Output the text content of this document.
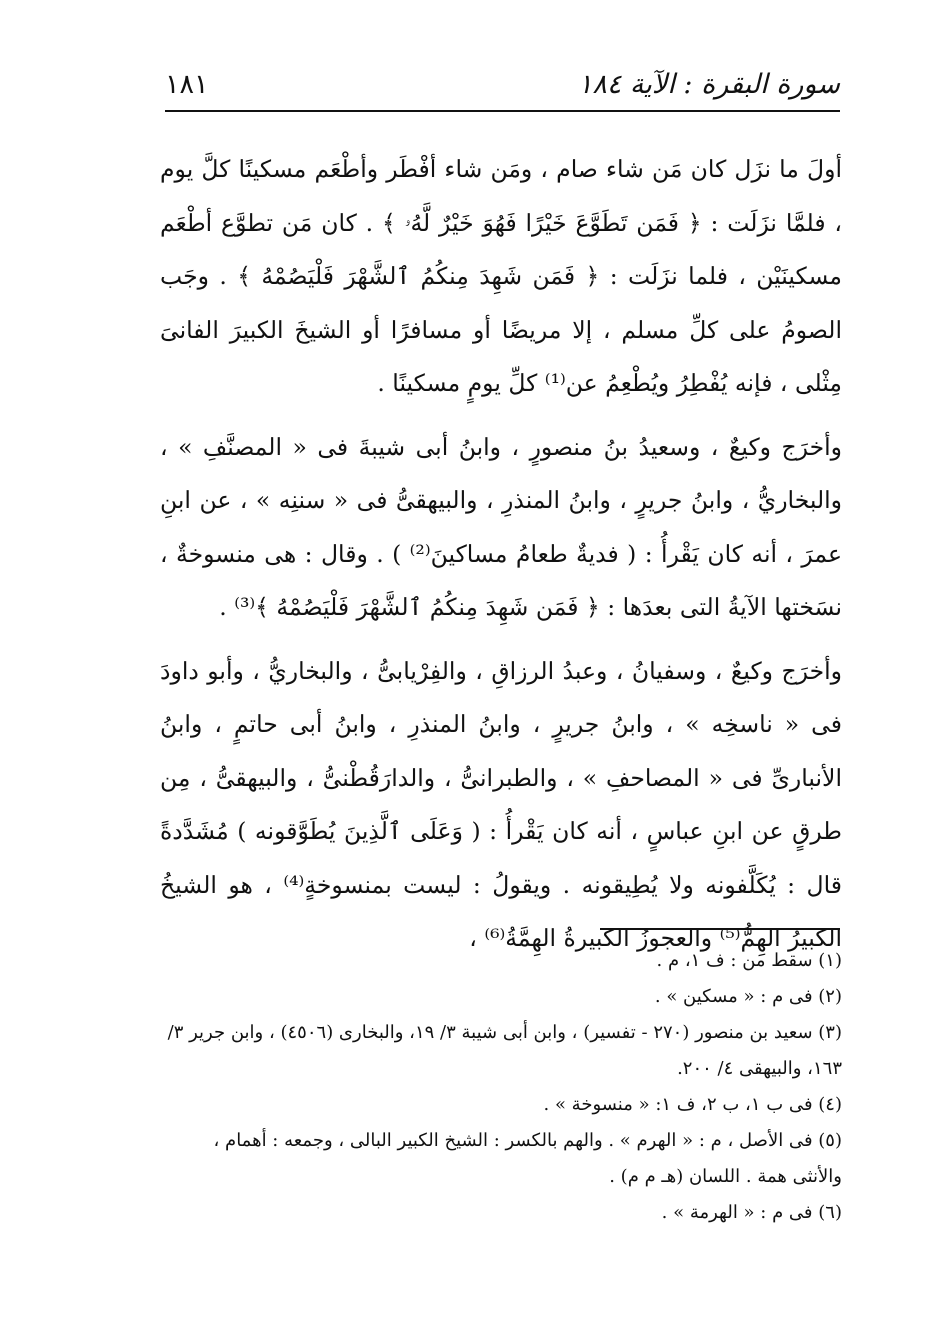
١٨١	سورة البقرة : الآية ١٨٤

أولَ ما نزَل كان مَن شاء صام ، ومَن شاء أفْطَر وأطْعَم مسكينًا كلَّ يوم ، فلمَّا نزَلَت : ﴿ فَمَن تَطَوَّعَ خَيْرًا فَهُوَ خَيْرٌ لَّهُۥ ﴾ . كان مَن تطوَّع أطْعَم مسكينَيْن ، فلما نزَلَت : ﴿ فَمَن شَهِدَ مِنكُمُ ٱلشَّهْرَ فَلْيَصُمْهُ ﴾ . وجَب الصومُ على كلِّ مسلم ، إلا مريضًا أو مسافرًا أو الشيخَ الكبيرَ الفانىَ مِثْلى ، فإنه يُفْطِرُ ويُطْعِمُ عن⁽¹⁾ كلِّ يومٍ مسكينًا .

وأخرَج وكيعٌ ، وسعيدُ بنُ منصورٍ ، وابنُ أبى شيبةَ فى « المصنَّفِ » ، والبخاريُّ ، وابنُ جريرٍ ، وابنُ المنذرِ ، والبيهقىُّ فى « سننِه » ، عن ابنِ عمرَ ، أنه كان يَقْرأُ : ( فديةٌ طعامُ مساكينَ⁽²⁾ ) . وقال : هى منسوخةٌ ، نسَختها الآيةُ التى بعدَها : ﴿ فَمَن شَهِدَ مِنكُمُ ٱلشَّهْرَ فَلْيَصُمْهُ ﴾⁽³⁾ .

وأخرَج وكيعٌ ، وسفيانُ ، وعبدُ الرزاقِ ، والفِرْيابىُّ ، والبخاريُّ ، وأبو داودَ فى « ناسخِه » ، وابنُ جريرٍ ، وابنُ المنذرِ ، وابنُ أبى حاتمٍ ، وابنُ الأنبارىِّ فى « المصاحفِ » ، والطبرانىُّ ، والدارَقُطْنىُّ ، والبيهقىُّ ، مِن طرقٍ عن ابنِ عباسٍ ، أنه كان يَقْرأُ : ( وَعَلَى ٱلَّذِينَ يُطَوَّقونه ) مُشَدَّدةً قال : يُكَلَّفونه ولا يُطِيقونه . ويقولُ : ليست بمنسوخةٍ⁽⁴⁾ ، هو الشيخُ الكبيرُ الهِمُّ⁽⁵⁾ والعجوزُ الكبيرةُ الهِمَّةُ⁽⁶⁾ ،

(١) سقط من : ف ١، م .

(٢) فى م : « مسكين » .

(٣) سعيد بن منصور (٢٧٠ - تفسير) ، وابن أبى شيبة ٣/ ١٩، والبخارى (٤٥٠٦) ، وابن جرير ٣/ ١٦٣، والبيهقى ٤/ ٢٠٠.

(٤) فى ب ١، ب ٢، ف ١: « منسوخة » .

(٥) فى الأصل ، م : « الهرم » . والهم بالكسر : الشيخ الكبير البالى ، وجمعه : أهمام ، والأنثى همة . اللسان (هـ م م) .

(٦) فى م : « الهرمة » .
